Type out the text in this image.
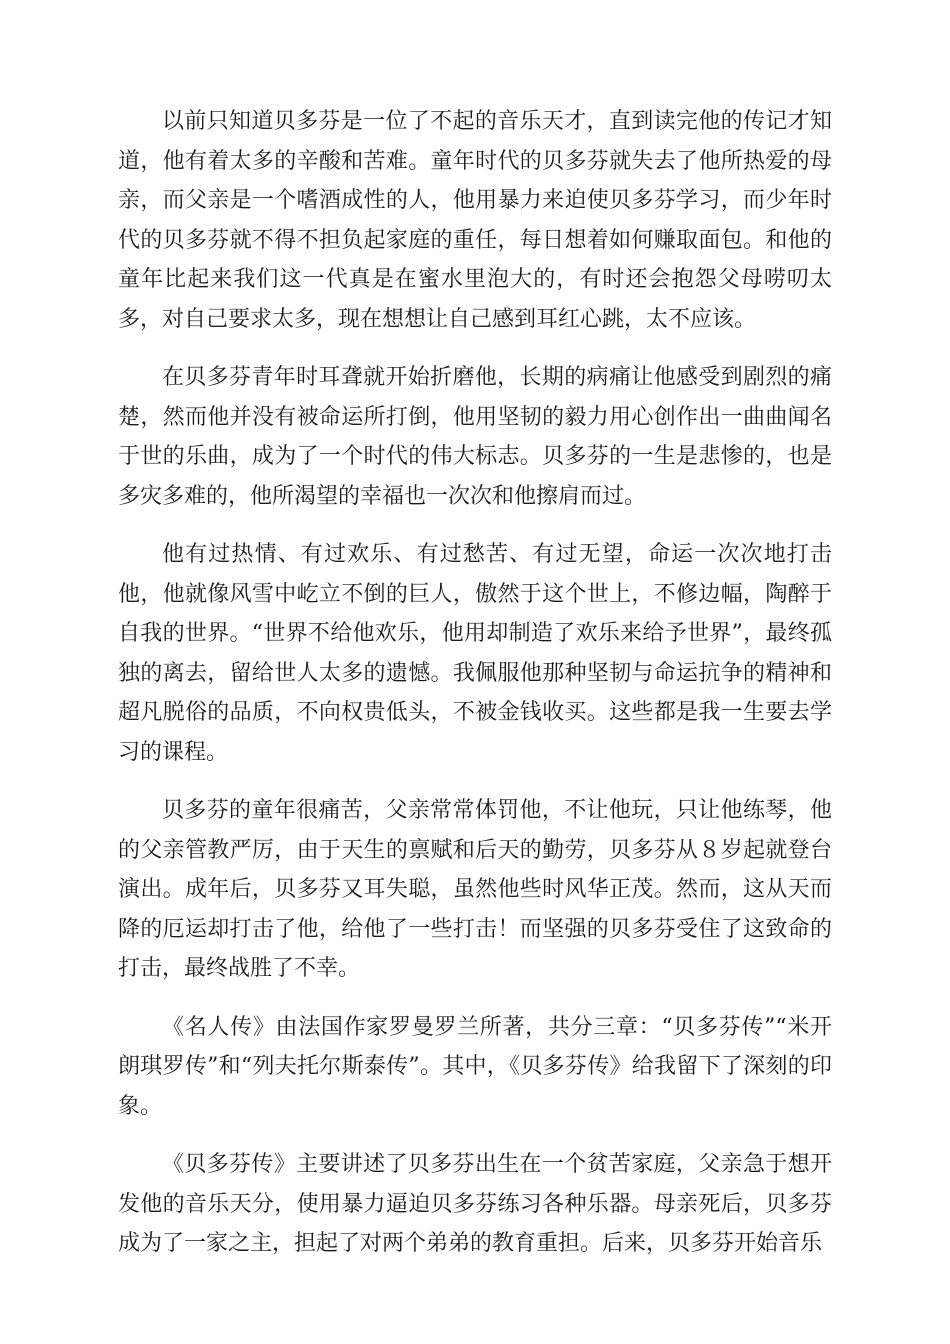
以前只知道贝多芬是一位了不起的音乐天才，直到读完他的传记才知道，他有着太多的辛酸和苦难。童年时代的贝多芬就失去了他所热爱的母亲，而父亲是一个嗜酒成性的人，他用暴力来迫使贝多芬学习，而少年时代的贝多芬就不得不担负起家庭的重任，每日想着如何赚取面包。和他的童年比起来我们这一代真是在蜜水里泡大的，有时还会抱怨父母唠叨太多，对自己要求太多，现在想想让自己感到耳红心跳，太不应该。

在贝多芬青年时耳聋就开始折磨他，长期的病痛让他感受到剧烈的痛楚，然而他并没有被命运所打倒，他用坚韧的毅力用心创作出一曲曲闻名于世的乐曲，成为了一个时代的伟大标志。贝多芬的一生是悲惨的，也是多灾多难的，他所渴望的幸福也一次次和他擦肩而过。

他有过热情、有过欢乐、有过愁苦、有过无望，命运一次次地打击他，他就像风雪中屹立不倒的巨人，傲然于这个世上，不修边幅，陶醉于自我的世界。“世界不给他欢乐，他用却制造了欢乐来给予世界”，最终孤独的离去，留给世人太多的遗憾。我佩服他那种坚韧与命运抗争的精神和超凡脱俗的品质，不向权贵低头，不被金钱收买。这些都是我一生要去学习的课程。

贝多芬的童年很痛苦，父亲常常体罚他，不让他玩，只让他练琴，他的父亲管教严厉，由于天生的禀赋和后天的勤劳，贝多芬从８岁起就登台演出。成年后，贝多芬又耳失聪，虽然他些时风华正茂。然而，这从天而降的厄运却打击了他，给他了一些打击！而坚强的贝多芬受住了这致命的打击，最终战胜了不幸。

《名人传》由法国作家罗曼罗兰所著，共分三章：“贝多芬传”“米开朗琪罗传”和“列夫托尔斯泰传”。其中，《贝多芬传》给我留下了深刻的印象。

《贝多芬传》主要讲述了贝多芬出生在一个贫苦家庭，父亲急于想开发他的音乐天分，使用暴力逼迫贝多芬练习各种乐器。母亲死后，贝多芬成为了一家之主，担起了对两个弟弟的教育重担。后来，贝多芬开始音乐
